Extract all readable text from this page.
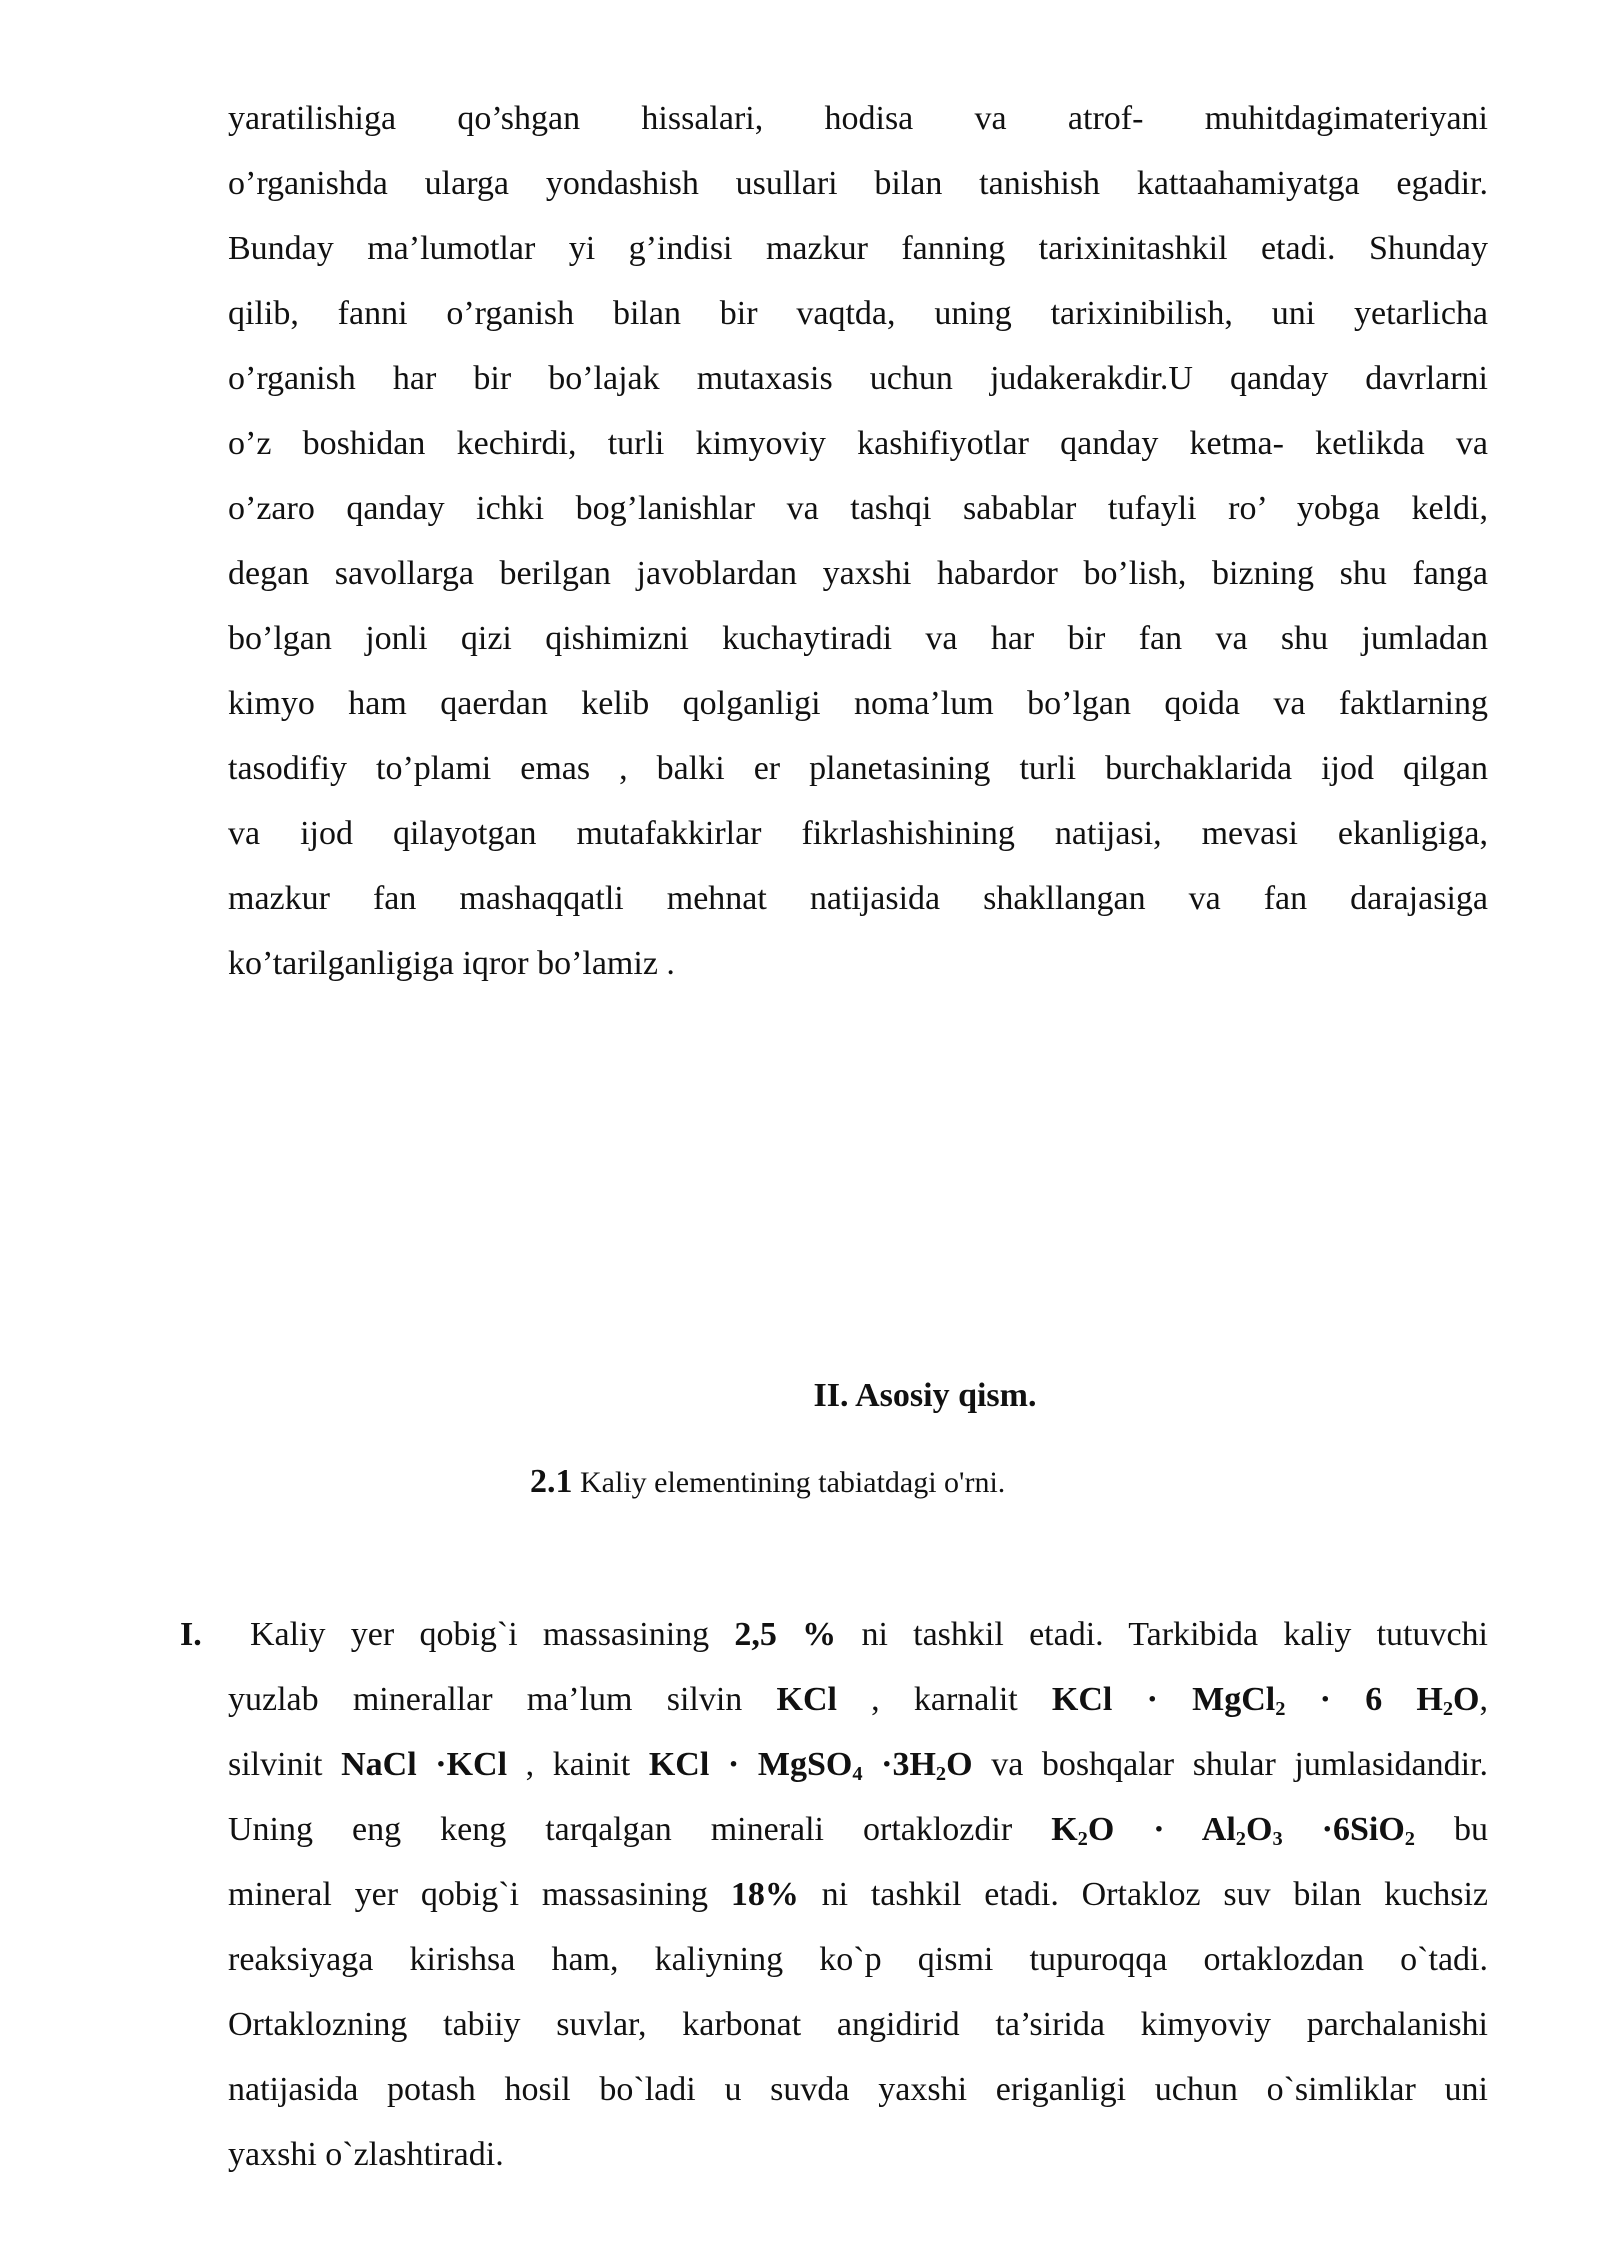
yaratilishiga qo’shgan hissalari, hodisa va atrof- muhitdagimateriyani
o’rganishda ularga yondashish usullari bilan tanishish kattaahamiyatga egadir.
Bunday ma’lumotlar yi g’indisi mazkur fanning tarixinitashkil etadi. Shunday
qilib, fanni o’rganish bilan bir vaqtda, uning tarixinibilish, uni yetarlicha
o’rganish har bir bo’lajak mutaxasis uchun judakerakdir.U qanday davrlarni
o’z boshidan kechirdi, turli kimyoviy kashifiyotlar qanday ketma- ketlikda va
o’zaro qanday ichki bog’lanishlar va tashqi sabablar tufayli ro’ yobga keldi,
degan savollarga berilgan javoblardan yaxshi habardor bo’lish, bizning shu fanga
bo’lgan jonli qizi qishimizni kuchaytiradi va har bir fan va shu jumladan
kimyo ham qaerdan kelib qolganligi noma’lum bo’lgan qoida va faktlarning
tasodifiy to’plami emas , balki er planetasining turli burchaklarida ijod qilgan
va ijod qilayotgan mutafakkirlar fikrlashishining natijasi, mevasi ekanligiga,
mazkur fan mashaqqatli mehnat natijasida shakllangan va fan darajasiga
ko’tarilganligiga iqror bo’lamiz .
II. Asosiy qism.
2.1 Kaliy elementining tabiatdagi o'rni.
I.	Kaliy yer qobig`i massasining 2,5 % ni tashkil etadi. Tarkibida kaliy tutuvchi
yuzlab minerallar ma’lum silvin KCl , karnalit KCl · MgCl$_2$ · 6 $H_2O$,
silvinit NaCl ·KCl , kainit KCl · MgSO$_4$ $\cdot 3H_2O$ va boshqalar shular jumlasidandir.
Uning eng keng tarqalgan minerali ortaklozdir $K_2O \cdot Al_2O_3 \cdot 6SiO_2$ bu
mineral yer qobig`i massasining 18% ni tashkil etadi. Ortakloz suv bilan kuchsiz
reaksiyaga kirishsa ham, kaliyning ko`p qismi tupuroqqa ortaklozdan o`tadi.
Ortaklozning tabiiy suvlar, karbonat angidirid ta’sirida kimyoviy parchalanishi
natijasida potash hosil bo`ladi u suvda yaxshi eriganligi uchun o`simliklar uni
yaxshi o`zlashtiradi.
